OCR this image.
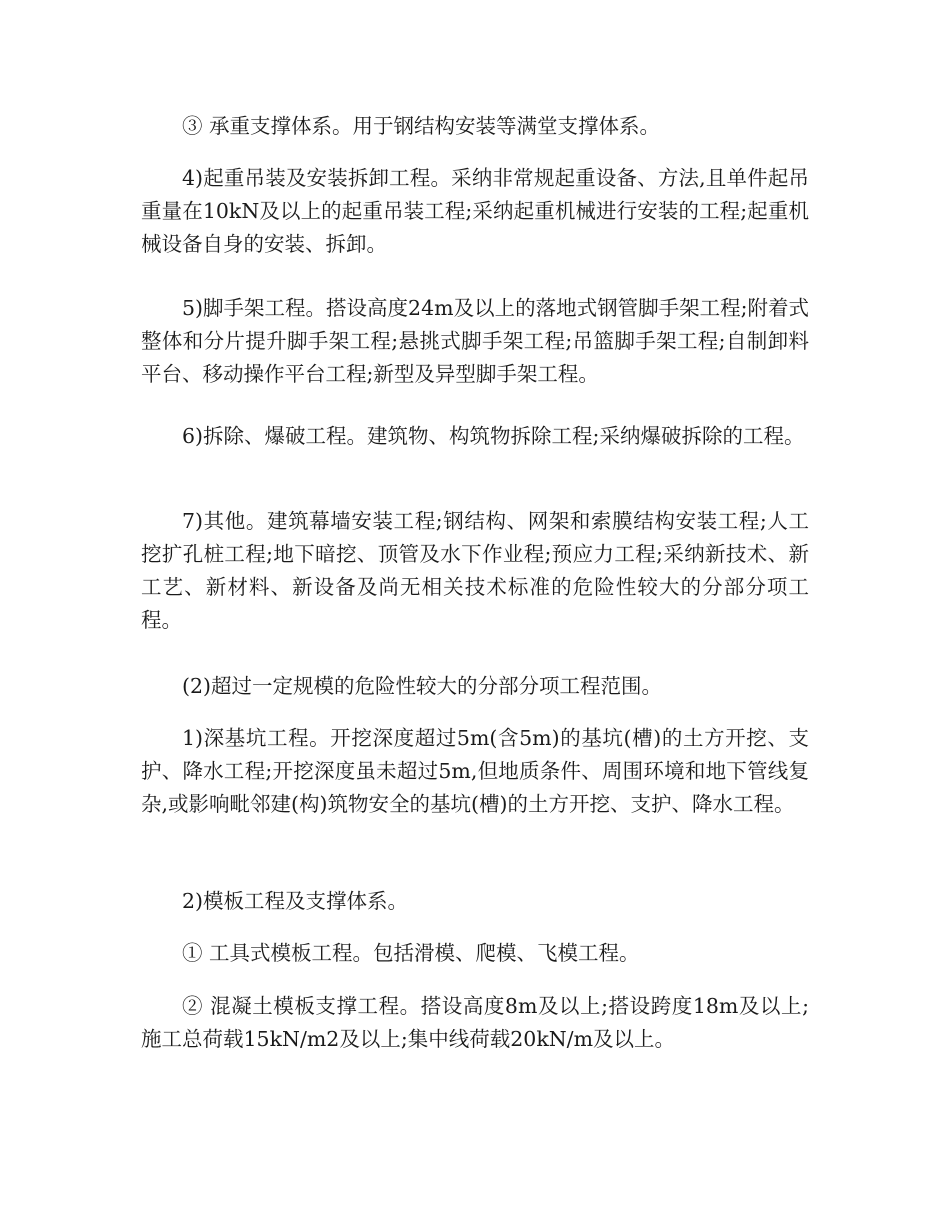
③ 承重支撑体系。用于钢结构安装等满堂支撑体系。

4)起重吊装及安装拆卸工程。采纳非常规起重设备、方法,且单件起吊重量在10kN及以上的起重吊装工程;采纳起重机械进行安装的工程;起重机械设备自身的安装、拆卸。

5)脚手架工程。搭设高度24m及以上的落地式钢管脚手架工程;附着式整体和分片提升脚手架工程;悬挑式脚手架工程;吊篮脚手架工程;自制卸料平台、移动操作平台工程;新型及异型脚手架工程。

6)拆除、爆破工程。建筑物、构筑物拆除工程;采纳爆破拆除的工程。

7)其他。建筑幕墙安装工程;钢结构、网架和索膜结构安装工程;人工挖扩孔桩工程;地下暗挖、顶管及水下作业程;预应力工程;采纳新技术、新工艺、新材料、新设备及尚无相关技术标准的危险性较大的分部分项工程。

(2)超过一定规模的危险性较大的分部分项工程范围。

1)深基坑工程。开挖深度超过5m(含5m)的基坑(槽)的土方开挖、支护、降水工程;开挖深度虽未超过5m,但地质条件、周围环境和地下管线复杂,或影响毗邻建(构)筑物安全的基坑(槽)的土方开挖、支护、降水工程。

2)模板工程及支撑体系。

① 工具式模板工程。包括滑模、爬模、飞模工程。

② 混凝土模板支撑工程。搭设高度8m及以上;搭设跨度18m及以上;施工总荷载15kN/m2及以上;集中线荷载20kN/m及以上。
